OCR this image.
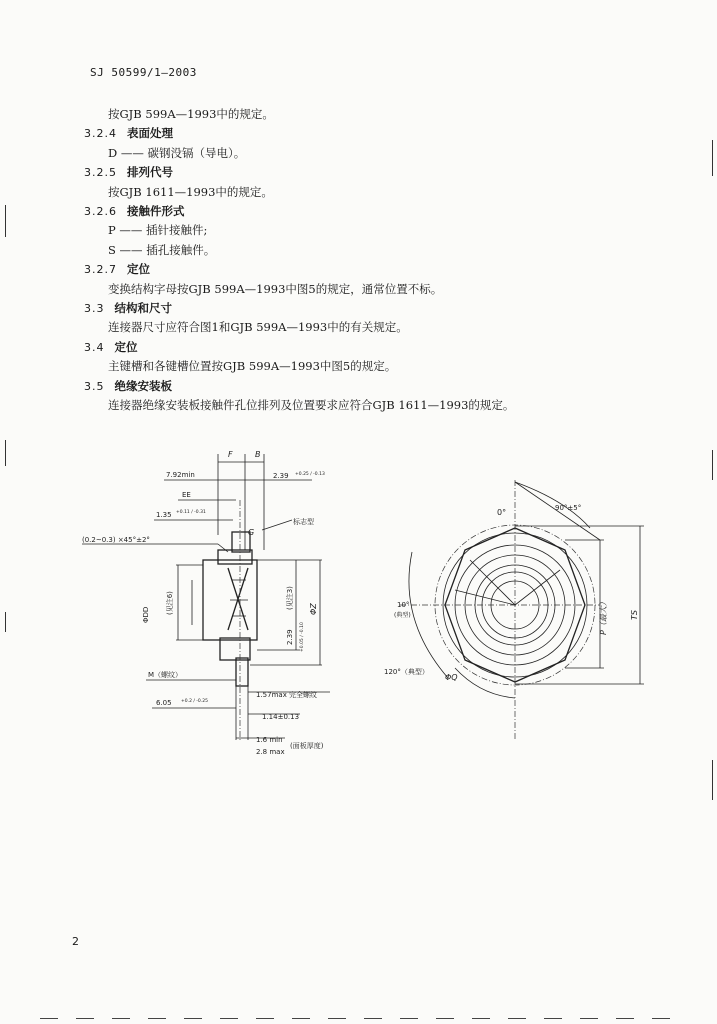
SJ 50599/1—2003
按GJB 599A—1993中的规定。
3.2.4 表面处理
D —— 碳钢没镉（导电）。
3.2.5 排列代号
按GJB 1611—1993中的规定。
3.2.6 接触件形式
P —— 插针接触件;
S —— 插孔接触件。
3.2.7 定位
变换结构字母按GJB 599A—1993中图5的规定，通常位置不标。
3.3 结构和尺寸
连接器尺寸应符合图1和GJB 599A—1993中的有关规定。
3.4 定位
主键槽和各键槽位置按GJB 599A—1993中图5的规定。
3.5 绝缘安装板
连接器绝缘安装板接触件孔位排列及位置要求应符合GJB 1611—1993的规定。
F	B
7.92min	2.39 +0.25 / -0.13
EE
1.35 +0.11 / -0.31
标志型
(0.2~0.3) ×45°±2°
ΦDD (见注6)	(见注3)
2.39 +0.05 / -0.10
ΦZ
G
M（螺纹）
1.57max 完全螺纹
6.05 +0.2 / -0.25
1.14±0.13
1.6 min
2.8 max
(面板厚度)
0°	90°±5°
10°
(典型)
120°（典型）
P（最大）	TS
ΦQ
2
